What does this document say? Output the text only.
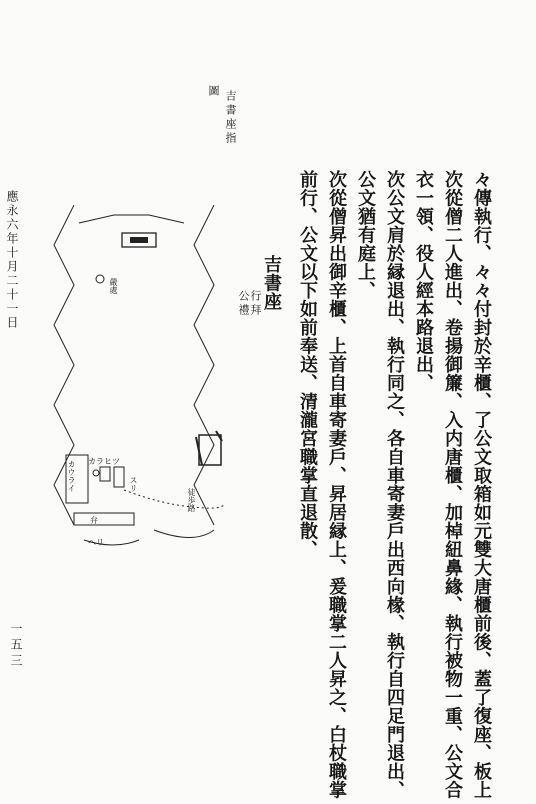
吉書座指
圖
應永六年十月二十一日
一五三
嚴處
カラヒツ
カウライ	スリ
弁
ヘリ
徒歩路	々傳執行、々々付封於辛櫃、了公文取箱如元雙大唐櫃前後、蓋了復座、板上
次從僧二人進出、卷揚御簾、入内唐櫃、加棹紐鼻緣、執行被物一重、公文合
衣一領、役人經本路退出、
次公文肩於縁退出、執行同之、各自車寄妻戶出西向椽、執行自四足門退出、
公文猶有庭上、
次從僧昇出御辛櫃、上首自車寄妻戶、昇居縁上、爰職掌二人昇之、白杖職掌
前行、公文以下如前奉送、清瀧宮職掌直退散、
吉書座
行拜
公禮
